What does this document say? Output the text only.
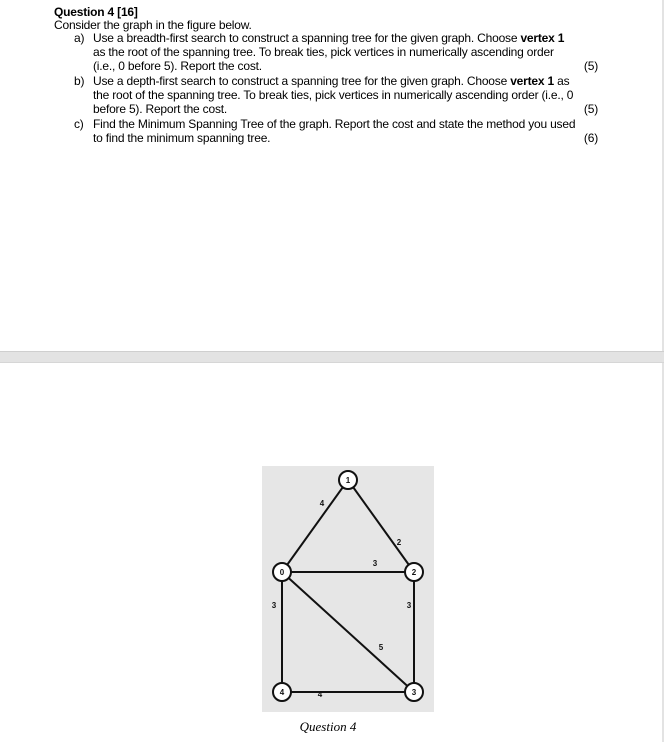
Question 4 [16]
Consider the graph in the figure below.
a) Use a breadth-first search to construct a spanning tree for the given graph. Choose vertex 1
as the root of the spanning tree. To break ties, pick vertices in numerically ascending order
(i.e., 0 before 5). Report the cost.	(5)
b) Use a depth-first search to construct a spanning tree for the given graph. Choose vertex 1 as
the root of the spanning tree. To break ties, pick vertices in numerically ascending order (i.e., 0
before 5). Report the cost.	(5)
c) Find the Minimum Spanning Tree of the graph. Report the cost and state the method you used
to find the minimum spanning tree.	(6)
4
2
3
5
3	3
4
0
1
2
3
4
Question 4
